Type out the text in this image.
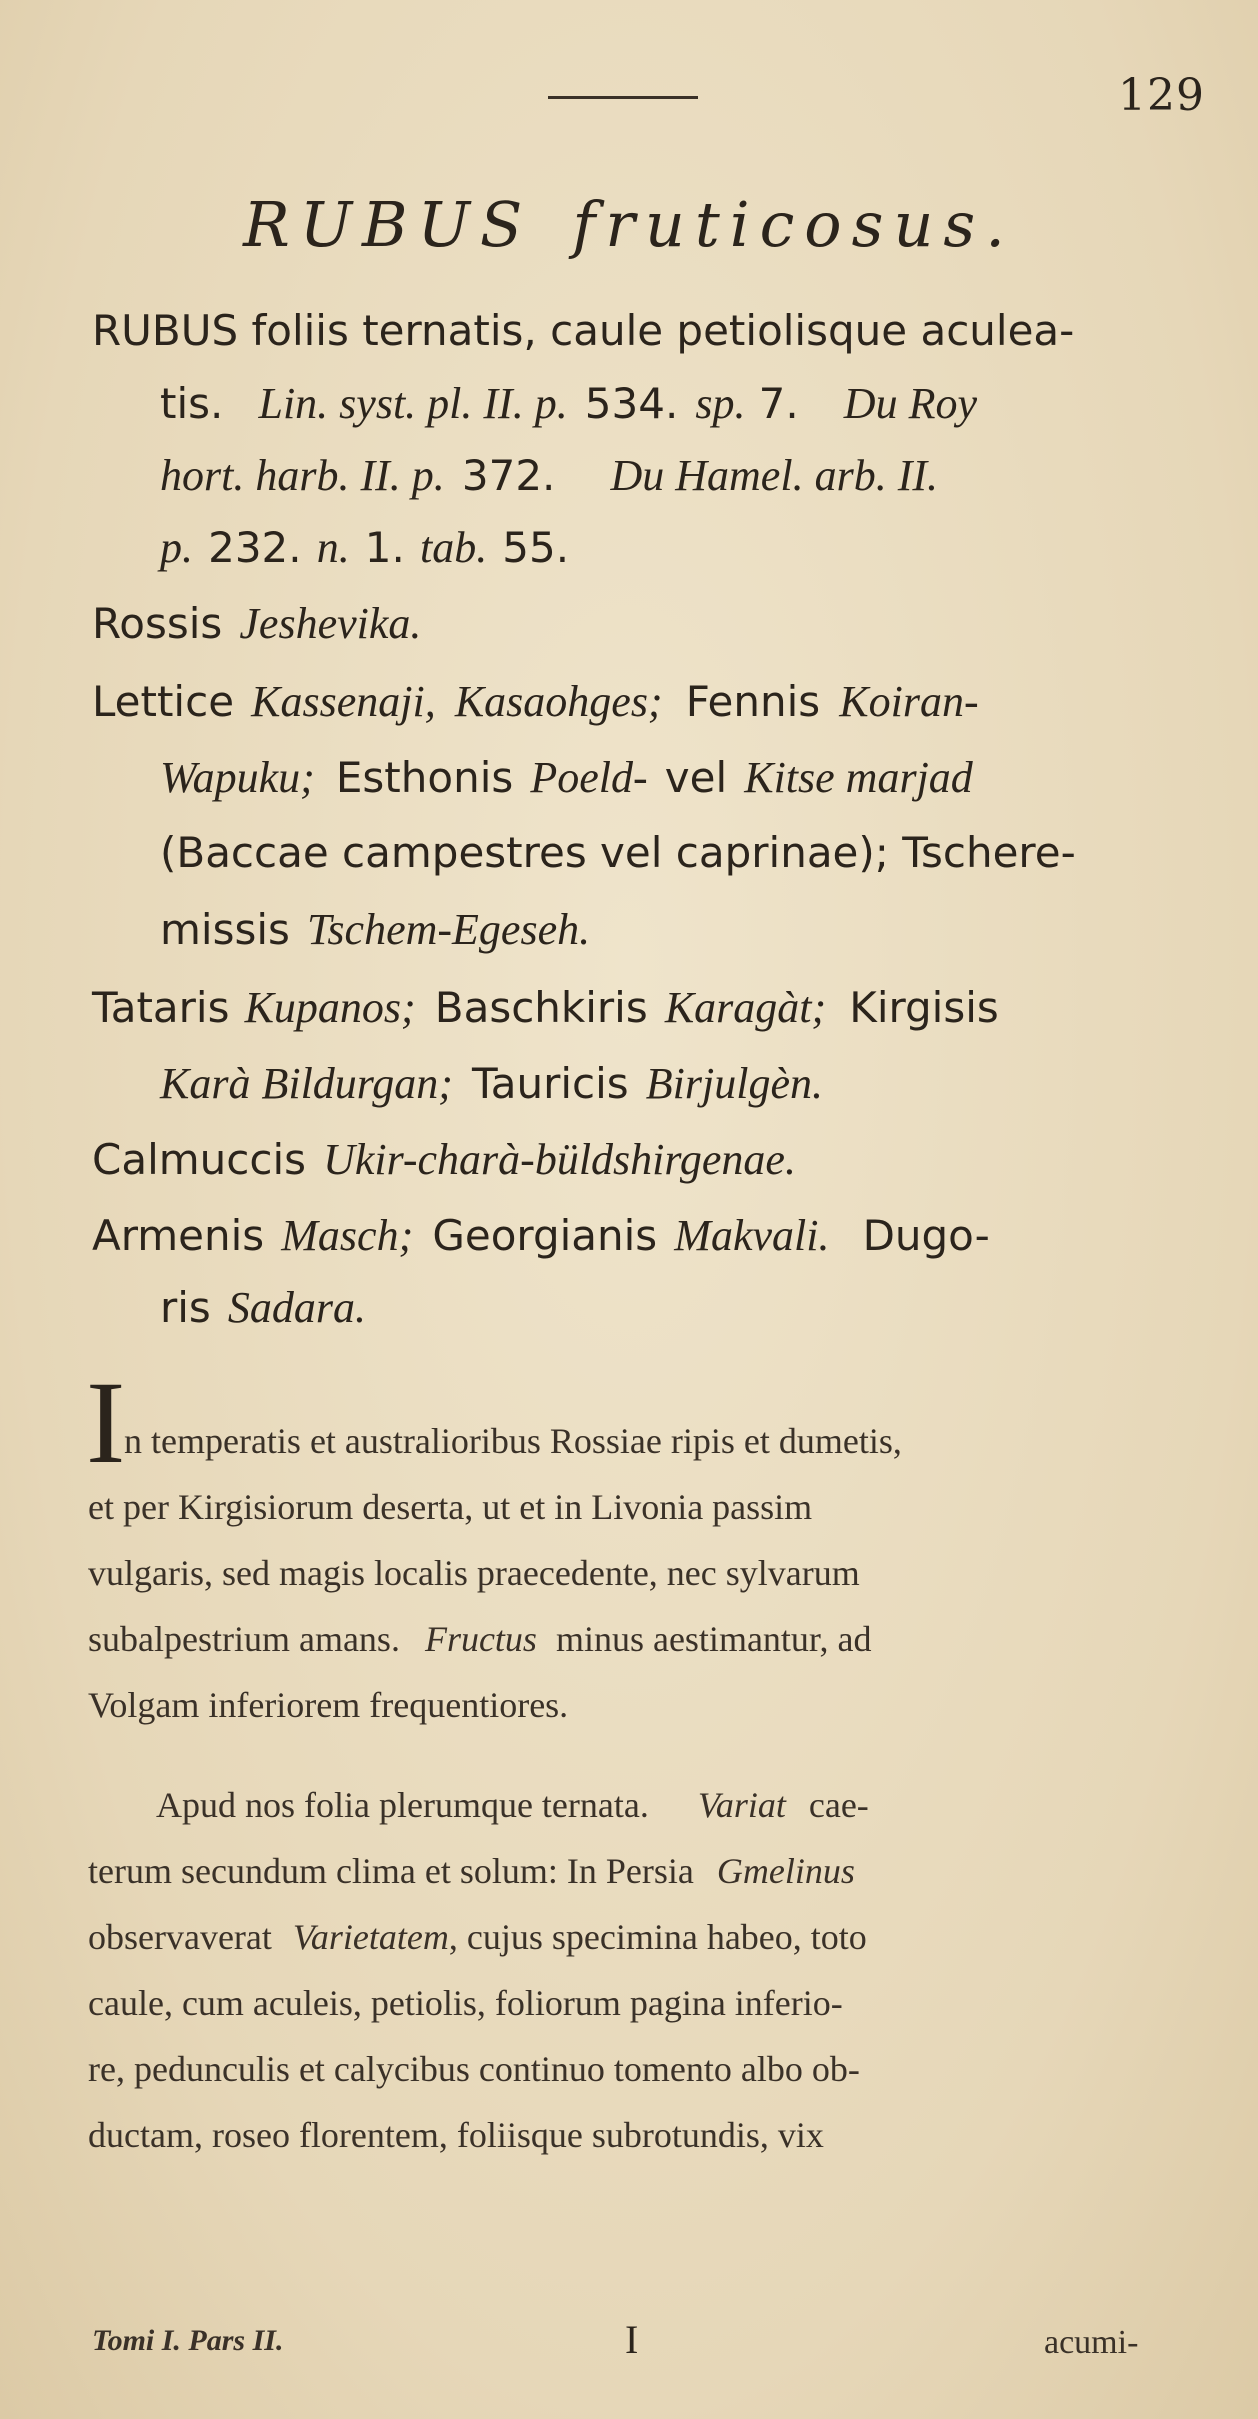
129
RUBUS fruticosus.
RUBUS foliis ternatis, caule petiolisque aculea-
tis. Lin. syst. pl. II. p. 534. sp. 7. Du Roy
hort. harb. II. p. 372. Du Hamel. arb. II.
p. 232. n. 1. tab. 55.
Rossis Jeshevika.
Lettice Kassenaji, Kasaohges; Fennis Koiran-
Wapuku; Esthonis Poeld- vel Kitse marjad
(Baccae campestres vel caprinae); Tschere-
missis Tschem-Egeseh.
Tataris Kupanos; Baschkiris Karagàt; Kirgisis
Karà Bildurgan; Tauricis Birjulgèn.
Calmuccis Ukir-charà-büldshirgenae.
Armenis Masch; Georgianis Makvali. Dugo-
ris Sadara.
I
n temperatis et australioribus Rossiae ripis et dumetis,
et per Kirgisiorum deserta, ut et in Livonia passim
vulgaris, sed magis localis praecedente, nec sylvarum
subalpestrium amans. Fructus minus aestimantur, ad
Volgam inferiorem frequentiores.
Apud nos folia plerumque ternata. Variat cae-
terum secundum clima et solum: In Persia Gmelinus
observaverat Varietatem, cujus specimina habeo, toto
caule, cum aculeis, petiolis, foliorum pagina inferio-
re, pedunculis et calycibus continuo tomento albo ob-
ductam, roseo florentem, foliisque subrotundis, vix
Tomi I. Pars II.	I	acumi-
